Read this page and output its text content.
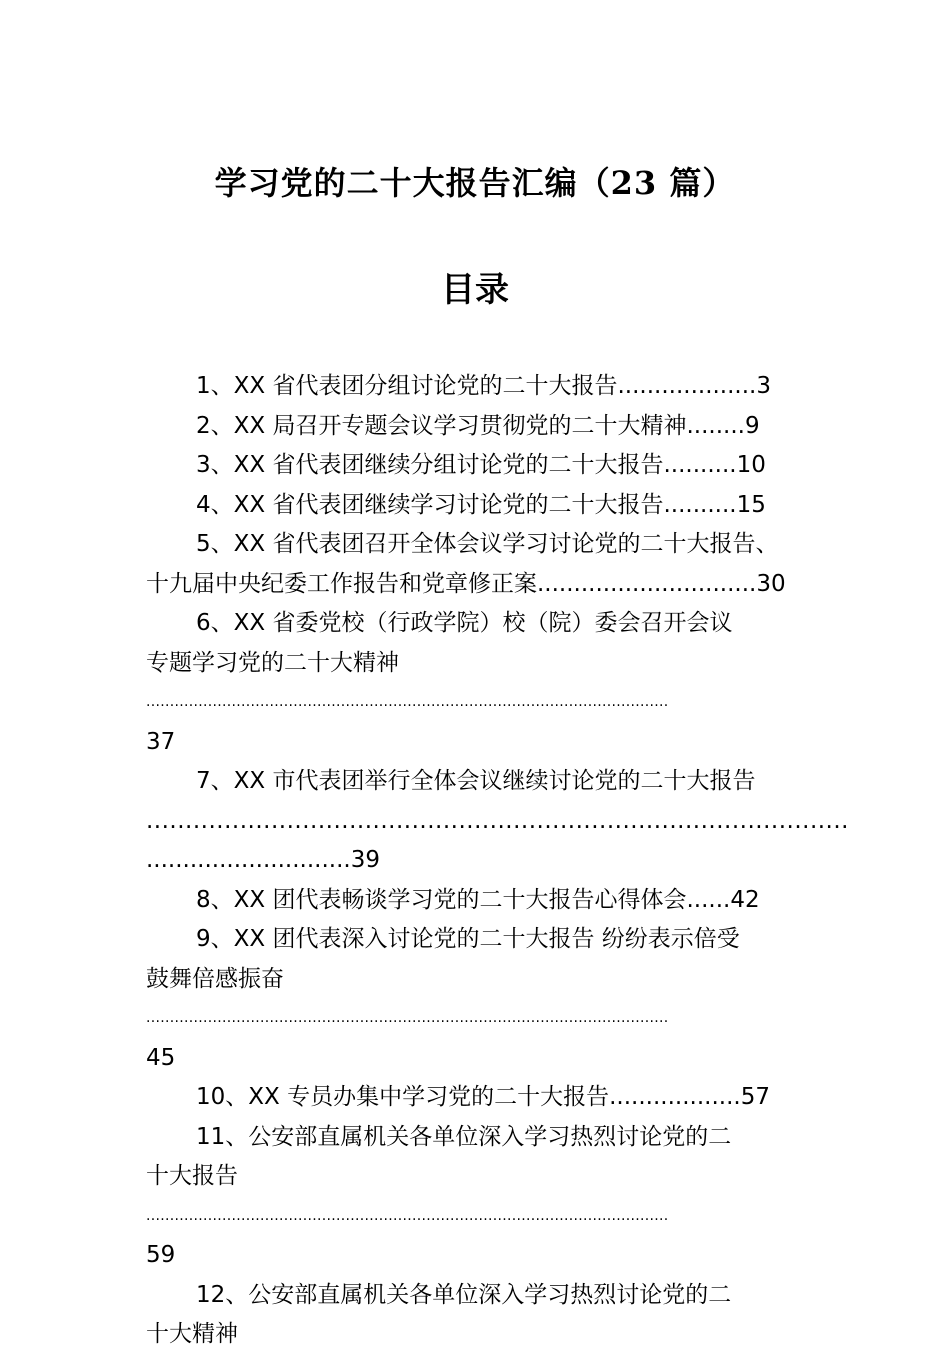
学习党的二十大报告汇编（23 篇）
目录
1、XX 省代表团分组讨论党的二十大报告...................3
2、XX 局召开专题会议学习贯彻党的二十大精神........9
3、XX 省代表团继续分组讨论党的二十大报告..........10
4、XX 省代表团继续学习讨论党的二十大报告..........15
5、XX 省代表团召开全体会议学习讨论党的二十大报告、
十九届中央纪委工作报告和党章修正案..............................30
6、XX 省委党校（行政学院）校（院）委会召开会议
专题学习党的二十大精神
..............................................................................................................
37
7、XX 市代表团举行全体会议继续讨论党的二十大报告
..........................................................................................
............................39
8、XX 团代表畅谈学习党的二十大报告心得体会......42
9、XX 团代表深入讨论党的二十大报告 纷纷表示倍受
鼓舞倍感振奋
..............................................................................................................
45
10、XX 专员办集中学习党的二十大报告..................57
11、公安部直属机关各单位深入学习热烈讨论党的二
十大报告
..............................................................................................................
59
12、公安部直属机关各单位深入学习热烈讨论党的二
十大精神
